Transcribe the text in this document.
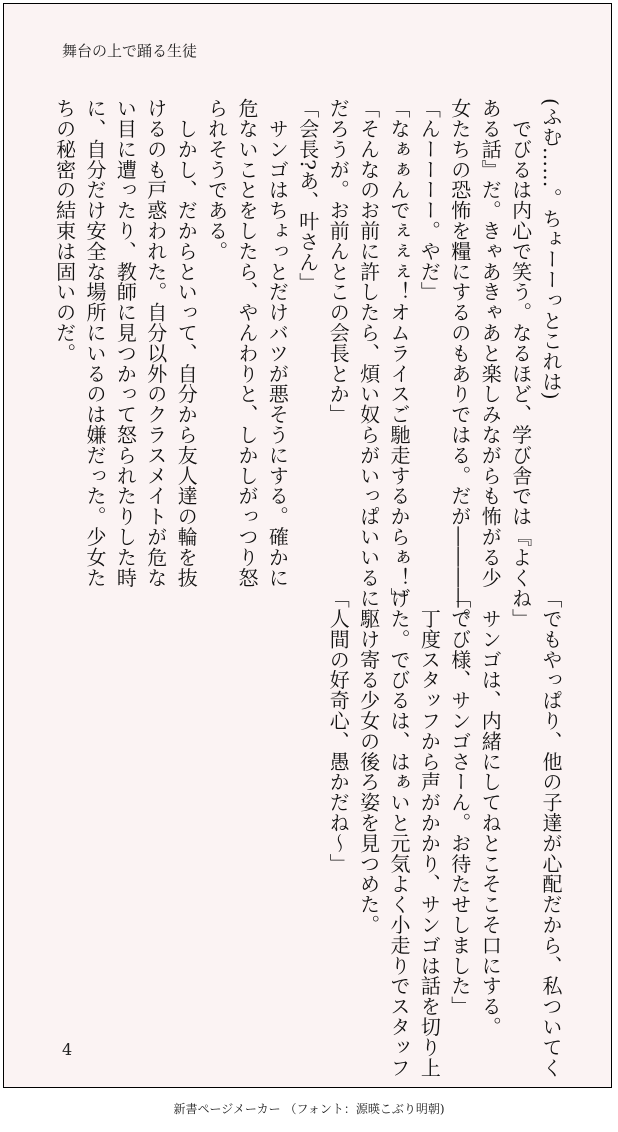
舞台の上で踊る生徒
(ふむ……。ちょーーっとこれは)
　でびるは内心で笑う。なるほど、学び舎では『よく
ある話』だ。きゃあきゃあと楽しみながらも怖がる少
女たちの恐怖を糧にするのもありではる。だが――――。
「んーーーー。やだ」
「なぁぁんでぇぇぇ！オムライスご馳走するからぁ！」
「そんなのお前に許したら、煩い奴らがいっぱいいる
だろうが。お前んとこの会長とか」
「会長?あ、叶さん」
　サンゴはちょっとだけバツが悪そうにする。確かに
危ないことをしたら、やんわりと、しかしがっつり怒
られそうである。
　しかし、だからといって、自分から友人達の輪を抜
けるのも戸惑われた。自分以外のクラスメイトが危な
い目に遭ったり、教師に見つかって怒られたりした時
に、自分だけ安全な場所にいるのは嫌だった。少女た
ちの秘密の結束は固いのだ。
「でもやっぱり、他の子達が心配だから、私ついてく
ね」
　サンゴは、内緒にしてねとこそこそ口にする。
「でび様、サンゴさーん。お待たせしました」
　丁度スタッフから声がかかり、サンゴは話を切り上
げた。でびるは、はぁいと元気よく小走りでスタッフ
に駆け寄る少女の後ろ姿を見つめた。
「人間の好奇心、愚かだね～」
4
新書ページメーカー （フォント：源暎こぶり明朝)
